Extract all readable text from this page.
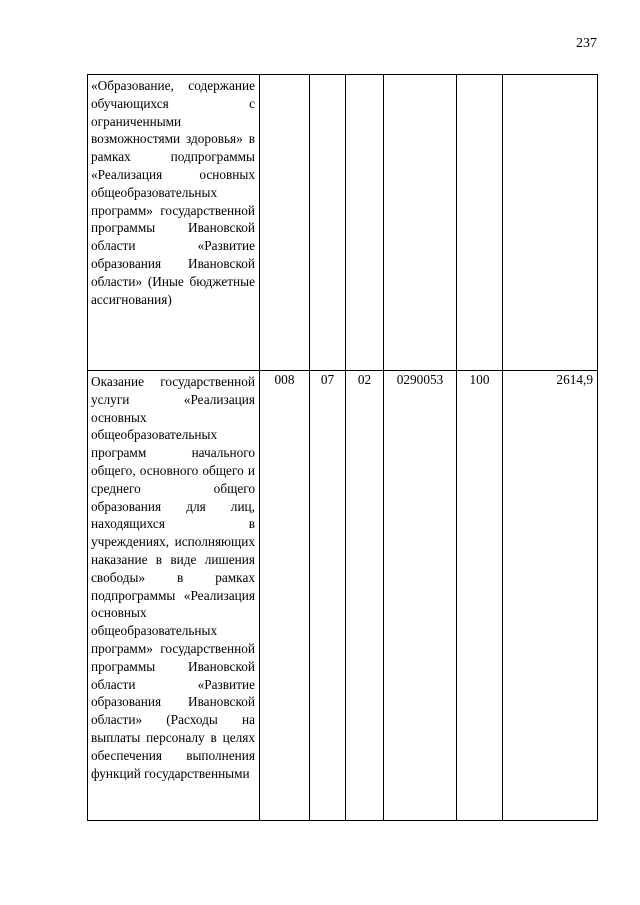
237
«Образование, содержание обучающихся с ограниченными возможностями здоровья» в рамках подпрограммы «Реализация основных общеобразовательных программ» государственной программы Ивановской области «Развитие образования Ивановской области» (Иные бюджетные ассигнования)						
Оказание государственной услуги «Реализация основных общеобразовательных программ начального общего, основного общего и среднего общего образования для лиц, находящихся в учреждениях, исполняющих наказание в виде лишения свободы» в рамках подпрограммы «Реализация основных общеобразовательных программ» государственной программы Ивановской области «Развитие образования Ивановской области» (Расходы на выплаты персоналу в целях обеспечения выполнения функций государственными	008	07	02	0290053	100	2614,9
